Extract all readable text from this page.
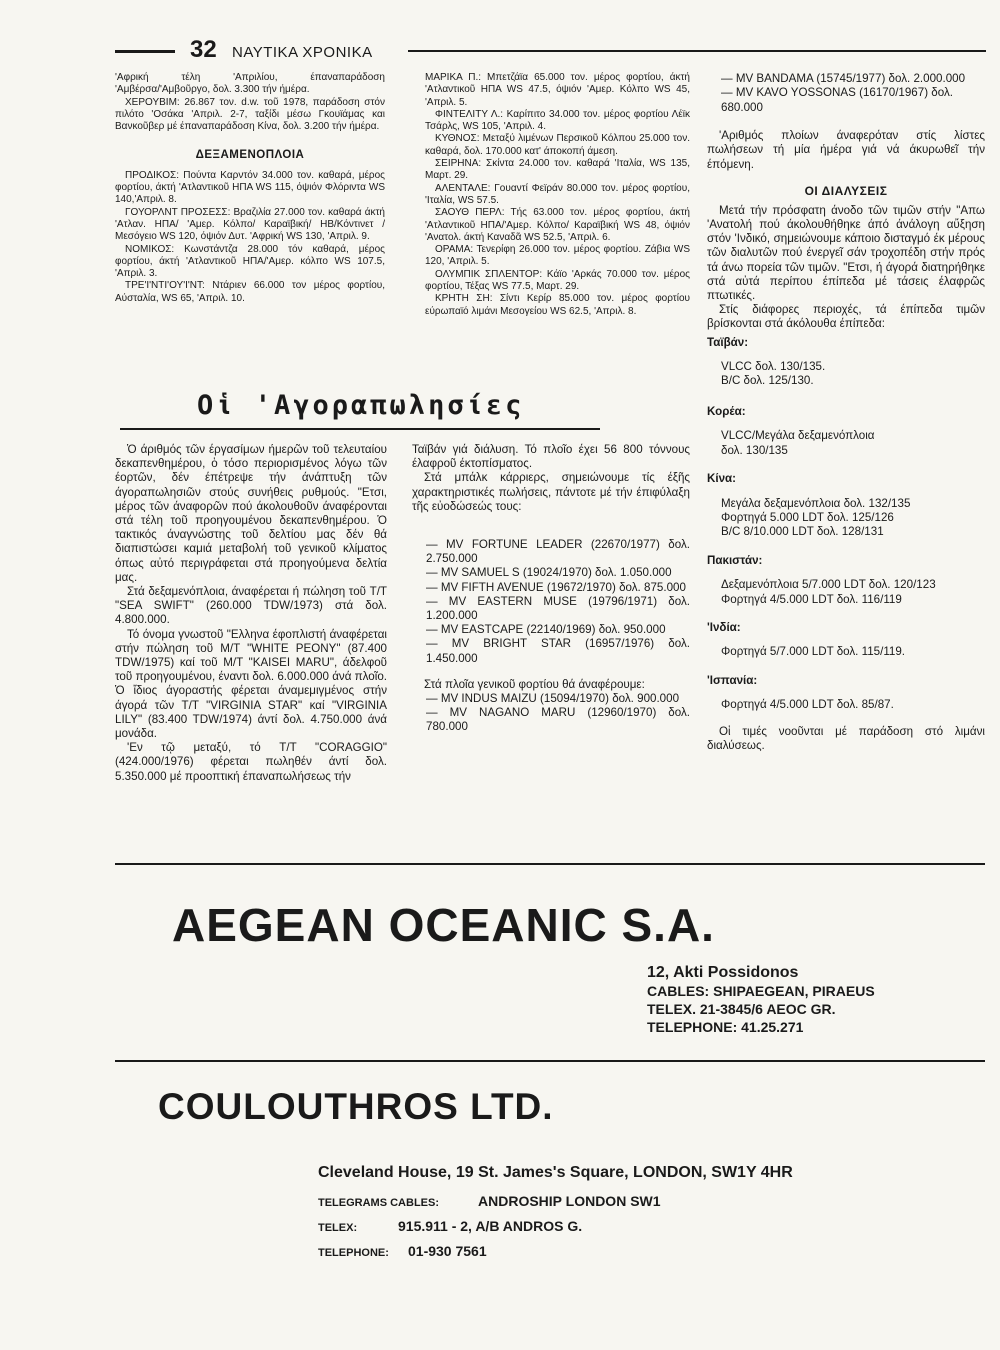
32 ΝΑΥΤΙΚΑ ΧΡΟΝΙΚΑ

'Αφρική τέλη 'Απριλίου, έπαναπαράδοση 'Αμβέρσα/'Αμβοῦργο, δολ. 3.300 τήν ήμέρα.

ΧΕΡΟΥΒΙΜ: 26.867 τον. d.w. τοῦ 1978, παράδοση στόν πιλότο 'Οσάκα 'Απριλ. 2-7, ταξίδι μέσω Γκουϊάμας και Βανκοῦβερ μέ έπαναπαράδοση Κίνα, δολ. 3.200 τήν ήμέρα.

ΔΕΞΑΜΕΝΟΠΛΟΙΑ

ΠΡΟΔΙΚΟΣ: Πούντα Καρντόν 34.000 τον. καθαρά, μέρος φορτίου, άκτή 'Ατλαντικοῦ ΗΠΑ WS 115, όψιόν Φλόριντα WS 140,'Απριλ. 8.

ΓΟΥΟΡΛΝΤ ΠΡΟΣΕΣΣ: Βραζιλία 27.000 τον. καθαρά άκτή 'Ατλαν. ΗΠΑ/ 'Αμερ. Κόλπο/ Καραϊβική/ ΗΒ/Κόντινετ /Μεσόγειο WS 120, όψιόν Δυτ. 'Αφρική WS 130, 'Απριλ. 9.

ΝΟΜΙΚΟΣ: Κωνστάντζα 28.000 τόν καθαρά, μέρος φορτίου, άκτή 'Ατλαντικοῦ ΗΠΑ/'Αμερ. κόλπο WS 107.5, 'Απριλ. 3.

ΤΡΕ'Ι'ΝΤΙ'ΟΥ'Ι'ΝΤ: Ντάριεν 66.000 τον μέρος φορτίου, Αύσταλία, WS 65, 'Απριλ. 10.

ΜΑΡΙΚΑ Π.: Μπετζάϊα 65.000 τον. μέρος φορτίου, άκτή 'Ατλαντικοῦ ΗΠΑ WS 47.5, όψιόν 'Αμερ. Κόλπο WS 45, 'Απριλ. 5.

ΦΙΝΤΕΛΙΤΥ Λ.: Καρίπιτο 34.000 τον. μέρος φορτίου Λέϊκ Τσάρλς, WS 105, 'Απριλ. 4.

ΚΥΘΝΟΣ: Μεταξύ λιμένων Περσικοῦ Κόλπου 25.000 τον. καθαρά, δολ. 170.000 κατ' άποκοπή άμεση.

ΣΕΙΡΗΝΑ: Σκίντα 24.000 τον. καθαρά 'Ιταλία, WS 135, Μαρτ. 29.

ΑΛΕΝΤΑΛΕ: Γουαντί Φεϊράν 80.000 τον. μέρος φορτίου, 'Ιταλία, WS 57.5.

ΣΑΟΥΘ ΠΕΡΛ: Τής 63.000 τον. μέρος φορτίου, άκτή 'Ατλαντικοῦ ΗΠΑ/'Αμερ. Κόλπο/ Καραϊβική WS 48, όψιόν 'Ανατολ. άκτή Καναδᾶ WS 52.5, 'Απριλ. 6.

ΟΡΑΜΑ: Τενερίφη 26.000 τον. μέρος φορτίου. Ζάβια WS 120, 'Απριλ. 5.

ΟΛΥΜΠΙΚ ΣΠΛΕΝΤΟΡ: Κάϊο 'Αρκάς 70.000 τον. μέρος φορτίου, Τέξας WS 77.5, Μαρτ. 29.

ΚΡΗΤΗ ΣΗ: Σίντι Κερίρ 85.000 τον. μέρος φορτίου εύρωπαϊό λιμάνι Μεσογείου WS 62.5, 'Απριλ. 8.

— MV BANDAMA (15745/1977) δολ. 2.000.000
— MV KAVO YOSSONAS (16170/1967) δολ. 680.000

'Αριθμός πλοίων άναφερόταν στίς λίστες πωλήσεων τή μία ήμέρα γιά νά άκυρωθεῖ τήν έπόμενη.

ΟΙ ΔΙΑΛΥΣΕΙΣ

Μετά τήν πρόσφατη άνοδο τῶν τιμῶν στήν "Απω 'Ανατολή πού άκολουθήθηκε άπό άνάλογη αὔξηση στόν 'Ινδικό, σημειώνουμε κάποιο δισταγμό έκ μέρους τῶν διαλυτῶν πού ένεργεῖ σάν τροχοπέδη στήν πρός τά άνω πορεία τῶν τιμῶν. "Ετσι, ή άγορά διατηρήθηκε στά αὐτά περίπου έπίπεδα μέ τάσεις έλαφρῶς πτωτικές.

Στίς διάφορες περιοχές, τά έπίπεδα τιμῶν βρίσκονται στά άκόλουθα έπίπεδα:

Ταϊβάν:
VLCC δολ. 130/135.
B/C δολ. 125/130.
Κορέα:
VLCC/Μεγάλα δεξαμενόπλοια
δολ. 130/135
Κίνα:
Μεγάλα δεξαμενόπλοια δολ. 132/135
Φορτηγά 5.000 LDT δολ. 125/126
B/C 8/10.000 LDT δολ. 128/131
Πακιστάν:
Δεξαμενόπλοια 5/7.000 LDT δολ. 120/123
Φορτηγά 4/5.000 LDT δολ. 116/119
'Ινδία:
Φορτηγά 5/7.000 LDT δολ. 115/119.
'Ισπανία:
Φορτηγά 4/5.000 LDT δολ. 85/87.

Οἱ τιμές νοοῦνται μέ παράδοση στό λιμάνι διαλύσεως.

Οἱ 'Αγοραπωλησίες

Ὁ άριθμός τῶν έργασίμων ήμερῶν τοῦ τελευταίου δεκαπενθημέρου, ὁ τόσο περιορισμένος λόγω τῶν έορτῶν, δέν έπέτρεψε τήν άνάπτυξη τῶν άγοραπωλησιῶν στούς συνήθεις ρυθμούς. "Ετσι, μέρος τῶν άναφορῶν πού άκολουθοῦν άναφέρονται στά τέλη τοῦ προηγουμένου δεκαπενθημέρου. Ὁ τακτικός άναγνώστης τοῦ δελτίου μας δέν θά διαπιστώσει καμιά μεταβολή τοῦ γενικοῦ κλίματος όπως αὐτό περιγράφεται στά προηγούμενα δελτία μας.

Στά δεξαμενόπλοια, άναφέρεται ή πώληση τοῦ T/T "SEA SWIFT" (260.000 TDW/1973) στά δολ. 4.800.000.

Τό όνομα γνωστοῦ "Ελληνα έφοπλιστή άναφέρεται στήν πώληση τοῦ M/T "WHITE PEONY" (87.400 TDW/1975) καί τοῦ M/T "KAISEI MARU", άδελφοῦ τοῦ προηγουμένου, έναντι δολ. 6.000.000 άνά πλοῖο. Ὁ ἴδιος άγοραστής φέρεται άναμεμιγμένος στήν άγορά τῶν T/T "VIRGINIA STAR" καί "VIRGINIA LILY" (83.400 TDW/1974) άντί δολ. 4.750.000 άνά μονάδα.

'Εν τῷ μεταξύ, τό T/T "CORAGGIO" (424.000/1976) φέρεται πωληθέν άντί δολ. 5.350.000 μέ προοπτική έπαναπωλήσεως τήν

Ταϊβάν γιά διάλυση. Τό πλοῖο έχει 56 800 τόννους έλαφροῦ έκτοπίσματος.

Στά μπάλκ κάρριερς, σημειώνουμε τίς έξῆς χαρακτηριστικές πωλήσεις, πάντοτε μέ τήν έπιφύλαξη τῆς εὐοδώσεώς τους:

— MV FORTUNE LEADER (22670/1977) δολ. 2.750.000

— MV SAMUEL S (19024/1970) δολ. 1.050.000

— MV FIFTH AVENUE (19672/1970) δολ. 875.000

— MV EASTERN MUSE (19796/1971) δολ. 1.200.000

— MV EASTCAPE (22140/1969) δολ. 950.000

— MV BRIGHT STAR (16957/1976) δολ. 1.450.000

Στά πλοῖα γενικοῦ φορτίου θά άναφέρουμε:

— MV INDUS MAIZU (15094/1970) δολ. 900.000

— MV NAGANO MARU (12960/1970) δολ. 780.000

AEGEAN OCEANIC S.A.
12, Akti Possidonos
CABLES: SHIPAEGEAN, PIRAEUS
TELEX. 21-3845/6 AEOC GR.
TELEPHONE: 41.25.271
COULOUTHROS LTD.
Cleveland House, 19 St. James's Square, LONDON, SW1Y 4HR
TELEGRAMS CABLES:	ANDROSHIP LONDON SW1
TELEX:	915.911 - 2, A/B ANDROS G.
TELEPHONE: 01-930 7561
